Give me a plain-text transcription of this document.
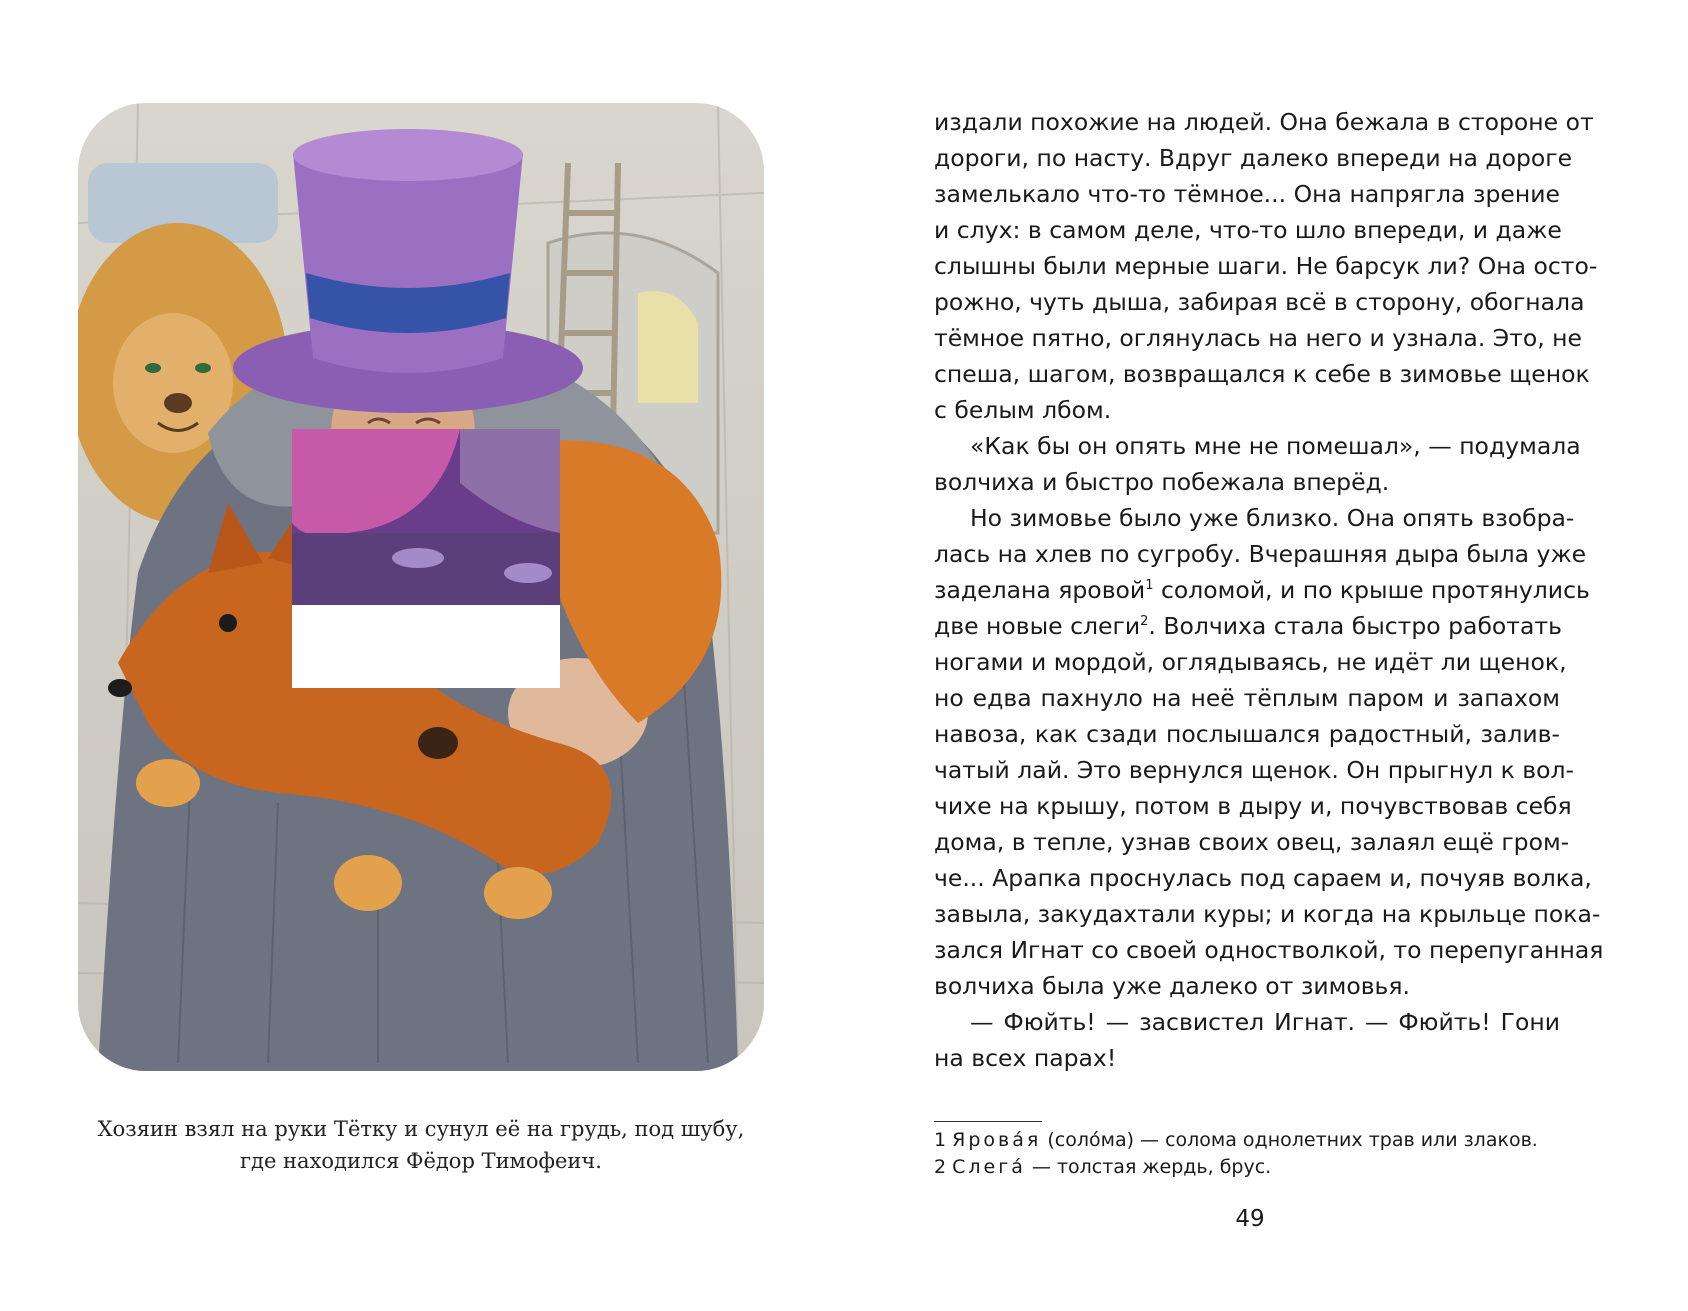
Хозяин взял на руки Тётку и сунул её на грудь, под шубу,
где находился Фёдор Тимофеич.
издали похожие на людей. Она бежала в стороне от
дороги, по насту. Вдруг далеко впереди на дороге
замелькало что-то тёмное... Она напрягла зрение
и слух: в самом деле, что-то шло впереди, и даже
слышны были мерные шаги. Не барсук ли? Она осто-
рожно, чуть дыша, забирая всё в сторону, обогнала
тёмное пятно, оглянулась на него и узнала. Это, не
спеша, шагом, возвращался к себе в зимовье щенок
с белым лбом.
«Как бы он опять мне не помешал», — подумала
волчиха и быстро побежала вперёд.
Но зимовье было уже близко. Она опять взобра-
лась на хлев по сугробу. Вчерашняя дыра была уже
заделана яровой$^1$ соломой, и по крыше протянулись
две новые слеги$^2$. Волчиха стала быстро работать
ногами и мордой, оглядываясь, не идёт ли щенок,
но едва пахнуло на неё тёплым паром и запахом
навоза, как сзади послышался радостный, залив-
чатый лай. Это вернулся щенок. Он прыгнул к вол-
чихе на крышу, потом в дыру и, почувствовав себя
дома, в тепле, узнав своих овец, залаял ещё гром-
че... Арапка проснулась под сараем и, почуяв волка,
завыла, закудахтали куры; и когда на крыльце пока-
зался Игнат со своей одностволкой, то перепуганная
волчиха была уже далеко от зимовья.
— Фюйть! — засвистел Игнат. — Фюйть! Гони
на всех парах!
1 Ярова́я (соло́ма) — солома однолетних трав или злаков.
2 Слега́ — толстая жердь, брус.
49
